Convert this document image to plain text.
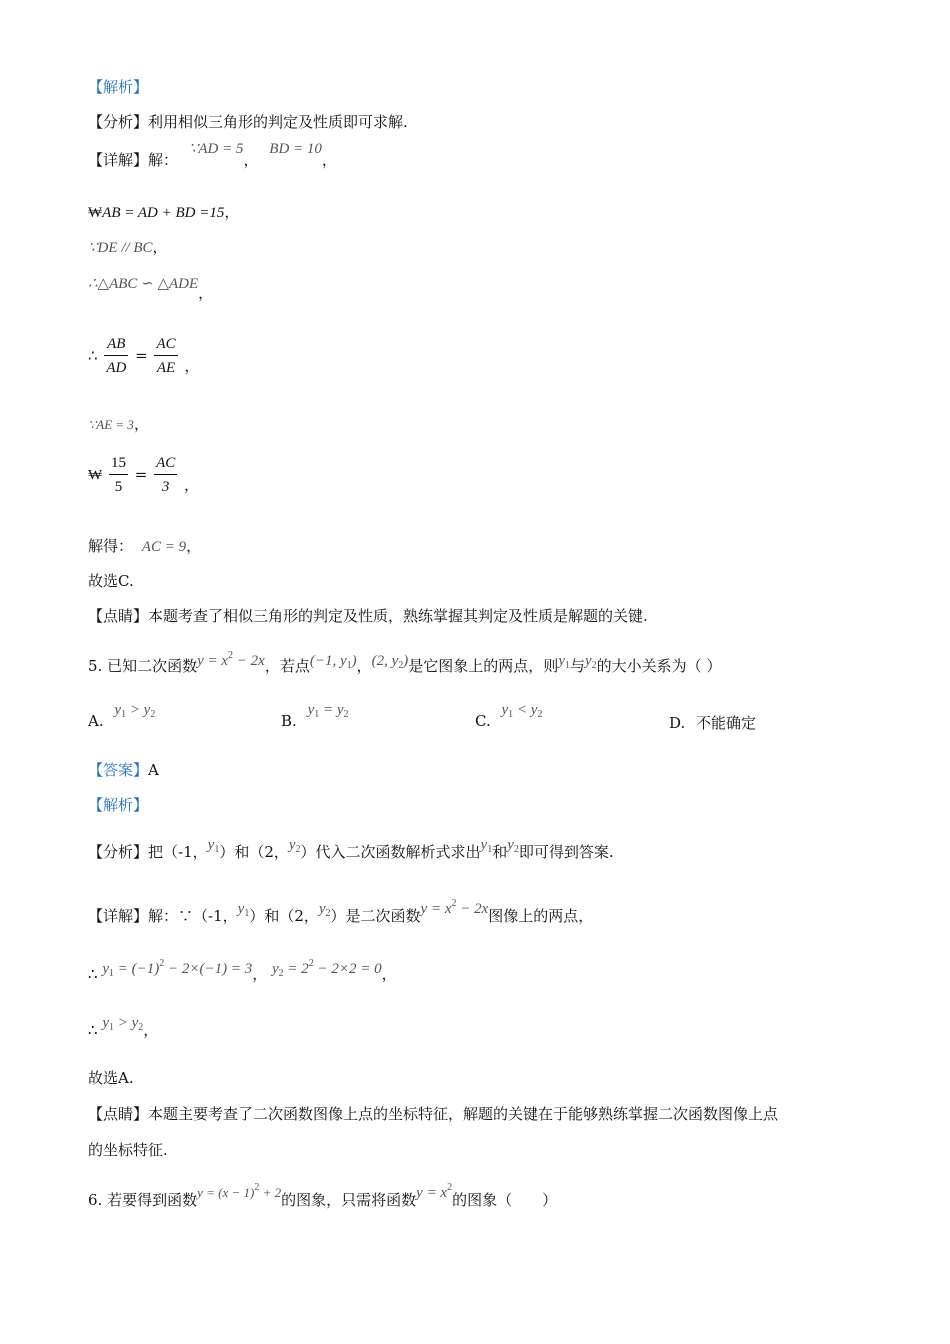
【解析】
【分析】利用相似三角形的判定及性质即可求解.
【详解】解： ∵AD = 5， BD = 10，
₩AB = AD + BD =15，
∵DE // BC，
∴△ABC ∽ △ADE，
∴ $\frac{AB}{AD} = \frac{AC}{AE}$ ，
∵AE = 3，
₩ $\frac{15}{5} = \frac{AC}{3}$ ，
解得： AC = 9，
故选C.
【点睛】本题考查了相似三角形的判定及性质，熟练掌握其判定及性质是解题的关键.
5. 已知二次函数$y = x^2 - 2x$，若点(−1, $y_1$)，(2, $y_2$)是它图象上的两点，则$y_1$与$y_2$的大小关系为（ ）
A. $y_1 > y_2$	B. $y_1 = y_2$	C. $y_1 < y_2$	D. 不能确定
【答案】A
【解析】
【分析】把（-1，$y_1$）和（2，$y_2$）代入二次函数解析式求出$y_1$和$y_2$即可得到答案.
【详解】解：∵（-1，$y_1$）和（2，$y_2$）是二次函数$y = x^2 - 2x$图像上的两点，
∴ $y_1 = (-1)^2 - 2\times(-1) = 3$， $y_2 = 2^2 - 2\times 2 = 0$，
∴ $y_1 > y_2$，
故选A.
【点睛】本题主要考查了二次函数图像上点的坐标特征，解题的关键在于能够熟练掌握二次函数图像上点
的坐标特征.
6. 若要得到函数$y = (x - 1)^2 + 2$的图象，只需将函数$y = x^2$的图象（　　）
